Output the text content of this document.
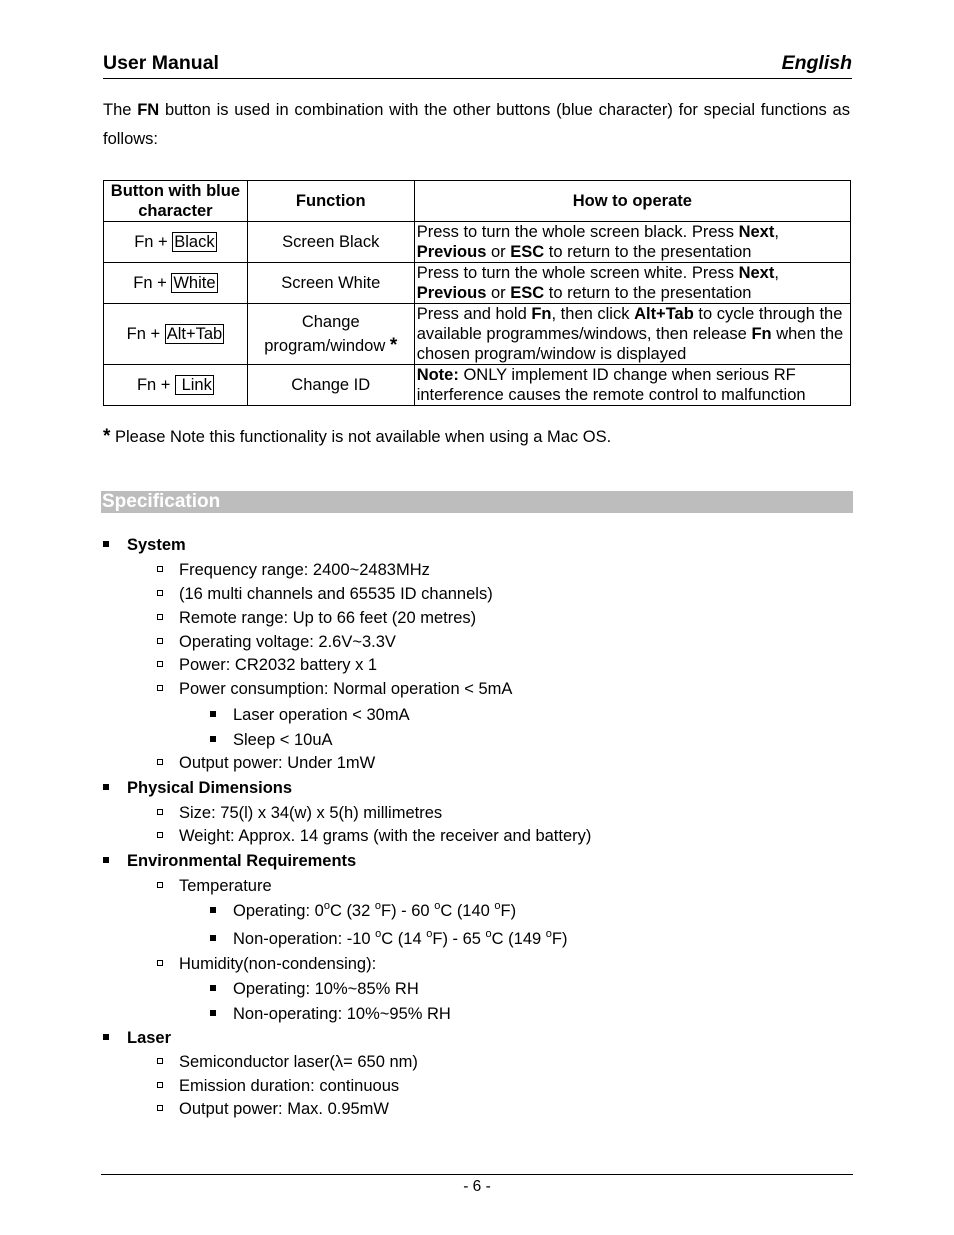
User Manual	English
The FN button is used in combination with the other buttons (blue character) for special functions as follows:
Button with blue character	Function	How to operate
Fn + Black	Screen Black	Press to turn the whole screen black. Press Next, Previous or ESC to return to the presentation
Fn + White	Screen White	Press to turn the whole screen white. Press Next, Previous or ESC to return to the presentation
Fn + Alt+Tab	Change program/window *	Press and hold Fn, then click Alt+Tab to cycle through the available programmes/windows, then release Fn when the chosen program/window is displayed
Fn +  Link	Change ID	Note: ONLY implement ID change when serious RF interference causes the remote control to malfunction
* Please Note this functionality is not available when using a Mac OS.
Specification
System
Frequency range: 2400~2483MHz
(16 multi channels and 65535 ID channels)
Remote range: Up to 66 feet (20 metres)
Operating voltage: 2.6V~3.3V
Power: CR2032 battery x 1
Power consumption: Normal operation < 5mA
Laser operation < 30mA
Sleep < 10uA
Output power: Under 1mW
Physical Dimensions
Size: 75(l) x 34(w) x 5(h) millimetres
Weight: Approx. 14 grams (with the receiver and battery)
Environmental Requirements
Temperature
Operating: 0$^o$C (32 $^o$F) - 60 $^o$C (140 $^o$F)
Non-operation: -10 $^o$C (14 $^o$F) - 65 $^o$C (149 $^o$F)
Humidity(non-condensing):
Operating: 10%~85% RH
Non-operating: 10%~95% RH
Laser
Semiconductor laser(λ= 650 nm)
Emission duration: continuous
Output power: Max. 0.95mW
- 6 -
